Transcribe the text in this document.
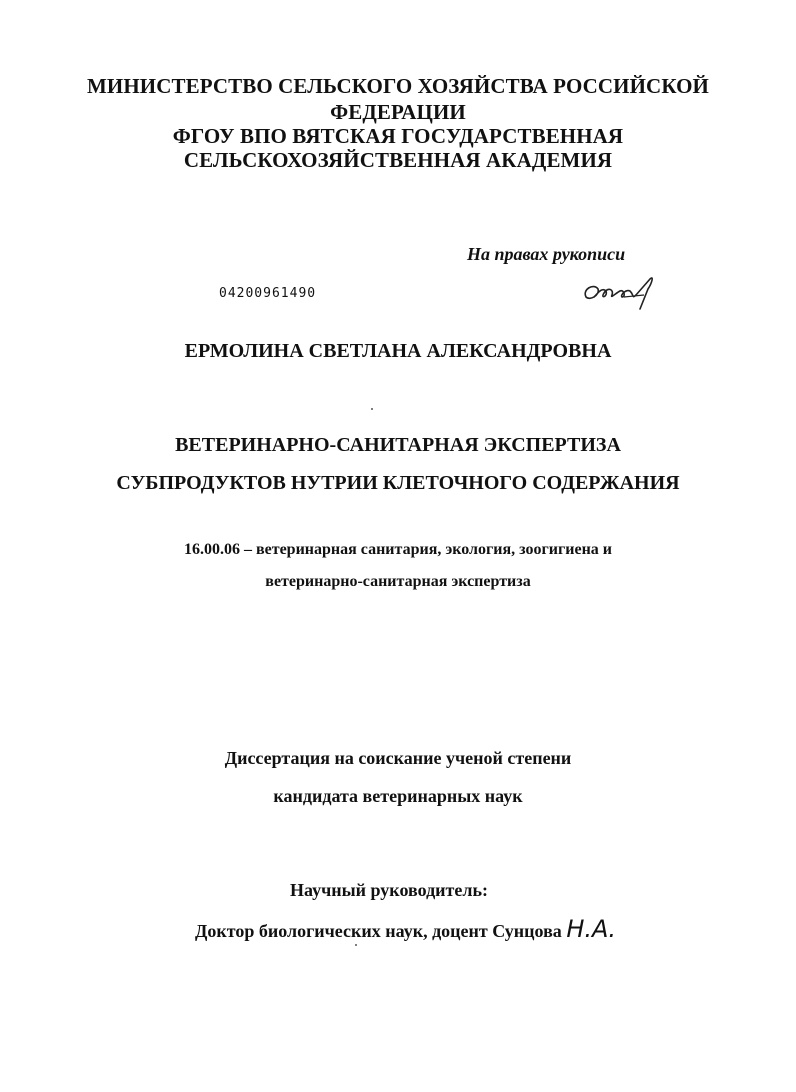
МИНИСТЕРСТВО СЕЛЬСКОГО ХОЗЯЙСТВА РОССИЙСКОЙ
ФЕДЕРАЦИИ
ФГОУ ВПО ВЯТСКАЯ ГОСУДАРСТВЕННАЯ
СЕЛЬСКОХОЗЯЙСТВЕННАЯ АКАДЕМИЯ
На правах рукописи
04200961490
ЕРМОЛИНА СВЕТЛАНА АЛЕКСАНДРОВНА
ВЕТЕРИНАРНО-САНИТАРНАЯ ЭКСПЕРТИЗА
СУБПРОДУКТОВ НУТРИИ КЛЕТОЧНОГО СОДЕРЖАНИЯ
16.00.06 – ветеринарная санитария, экология, зоогигиена и
ветеринарно-санитарная экспертиза
Диссертация на соискание ученой степени
кандидата ветеринарных наук
Научный руководитель:
Доктор биологических наук, доцент Сунцова Н.А.
